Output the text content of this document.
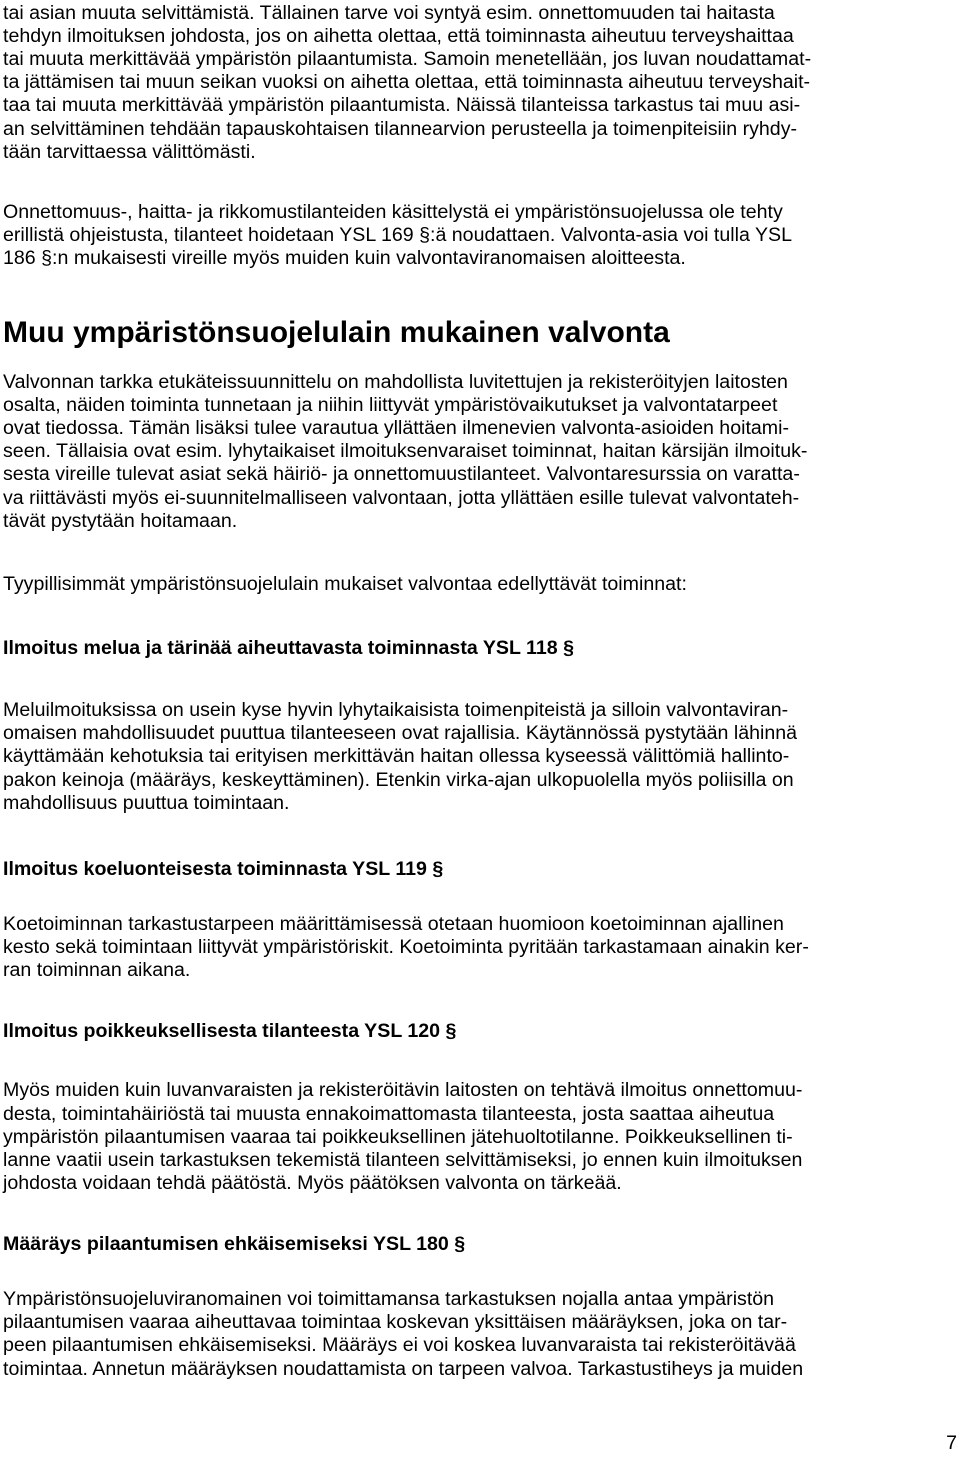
tai asian muuta selvittämistä. Tällainen tarve voi syntyä esim. onnettomuuden tai haitasta
tehdyn ilmoituksen johdosta, jos on aihetta olettaa, että toiminnasta aiheutuu terveyshaittaa
tai muuta merkittävää ympäristön pilaantumista. Samoin menetellään, jos luvan noudattamat-
ta jättämisen tai muun seikan vuoksi on aihetta olettaa, että toiminnasta aiheutuu terveyshait-
taa tai muuta merkittävää ympäristön pilaantumista. Näissä tilanteissa tarkastus tai muu asi-
an selvittäminen tehdään tapauskohtaisen tilannearvion perusteella ja toimenpiteisiin ryhdy-
tään tarvittaessa välittömästi.
Onnettomuus-, haitta- ja rikkomustilanteiden käsittelystä ei ympäristönsuojelussa ole tehty
erillistä ohjeistusta, tilanteet hoidetaan YSL 169 §:ä noudattaen. Valvonta-asia voi tulla YSL
186 §:n mukaisesti vireille myös muiden kuin valvontaviranomaisen aloitteesta.
Muu ympäristönsuojelulain mukainen valvonta
Valvonnan tarkka etukäteissuunnittelu on mahdollista luvitettujen ja rekisteröityjen laitosten
osalta, näiden toiminta tunnetaan ja niihin liittyvät ympäristövaikutukset ja valvontatarpeet
ovat tiedossa. Tämän lisäksi tulee varautua yllättäen ilmenevien valvonta-asioiden hoitami-
seen. Tällaisia ovat esim. lyhytaikaiset ilmoituksenvaraiset toiminnat, haitan kärsijän ilmoituk-
sesta vireille tulevat asiat sekä häiriö- ja onnettomuustilanteet. Valvontaresurssia on varatta-
va riittävästi myös ei-suunnitelmalliseen valvontaan, jotta yllättäen esille tulevat valvontateh-
tävät pystytään hoitamaan.
Tyypillisimmät ympäristönsuojelulain mukaiset valvontaa edellyttävät toiminnat:
Ilmoitus melua ja tärinää aiheuttavasta toiminnasta YSL 118 §
Meluilmoituksissa on usein kyse hyvin lyhytaikaisista toimenpiteistä ja silloin valvontaviran-
omaisen mahdollisuudet puuttua tilanteeseen ovat rajallisia. Käytännössä pystytään lähinnä
käyttämään kehotuksia tai erityisen merkittävän haitan ollessa kyseessä välittömiä hallinto-
pakon keinoja (määräys, keskeyttäminen). Etenkin virka-ajan ulkopuolella myös poliisilla on
mahdollisuus puuttua toimintaan.
Ilmoitus koeluonteisesta toiminnasta YSL 119 §
Koetoiminnan tarkastustarpeen määrittämisessä otetaan huomioon koetoiminnan ajallinen
kesto sekä toimintaan liittyvät ympäristöriskit. Koetoiminta pyritään tarkastamaan ainakin ker-
ran toiminnan aikana.
Ilmoitus poikkeuksellisesta tilanteesta YSL 120 §
Myös muiden kuin luvanvaraisten ja rekisteröitävin laitosten on tehtävä ilmoitus onnettomuu-
desta, toimintahäiriöstä tai muusta ennakoimattomasta tilanteesta, josta saattaa aiheutua
ympäristön pilaantumisen vaaraa tai poikkeuksellinen jätehuoltotilanne. Poikkeuksellinen ti-
lanne vaatii usein tarkastuksen tekemistä tilanteen selvittämiseksi, jo ennen kuin ilmoituksen
johdosta voidaan tehdä päätöstä. Myös päätöksen valvonta on tärkeää.
Määräys pilaantumisen ehkäisemiseksi YSL 180 §
Ympäristönsuojeluviranomainen voi toimittamansa tarkastuksen nojalla antaa ympäristön
pilaantumisen vaaraa aiheuttavaa toimintaa koskevan yksittäisen määräyksen, joka on tar-
peen pilaantumisen ehkäisemiseksi. Määräys ei voi koskea luvanvaraista tai rekisteröitävää
toimintaa. Annetun määräyksen noudattamista on tarpeen valvoa. Tarkastustiheys ja muiden
7
